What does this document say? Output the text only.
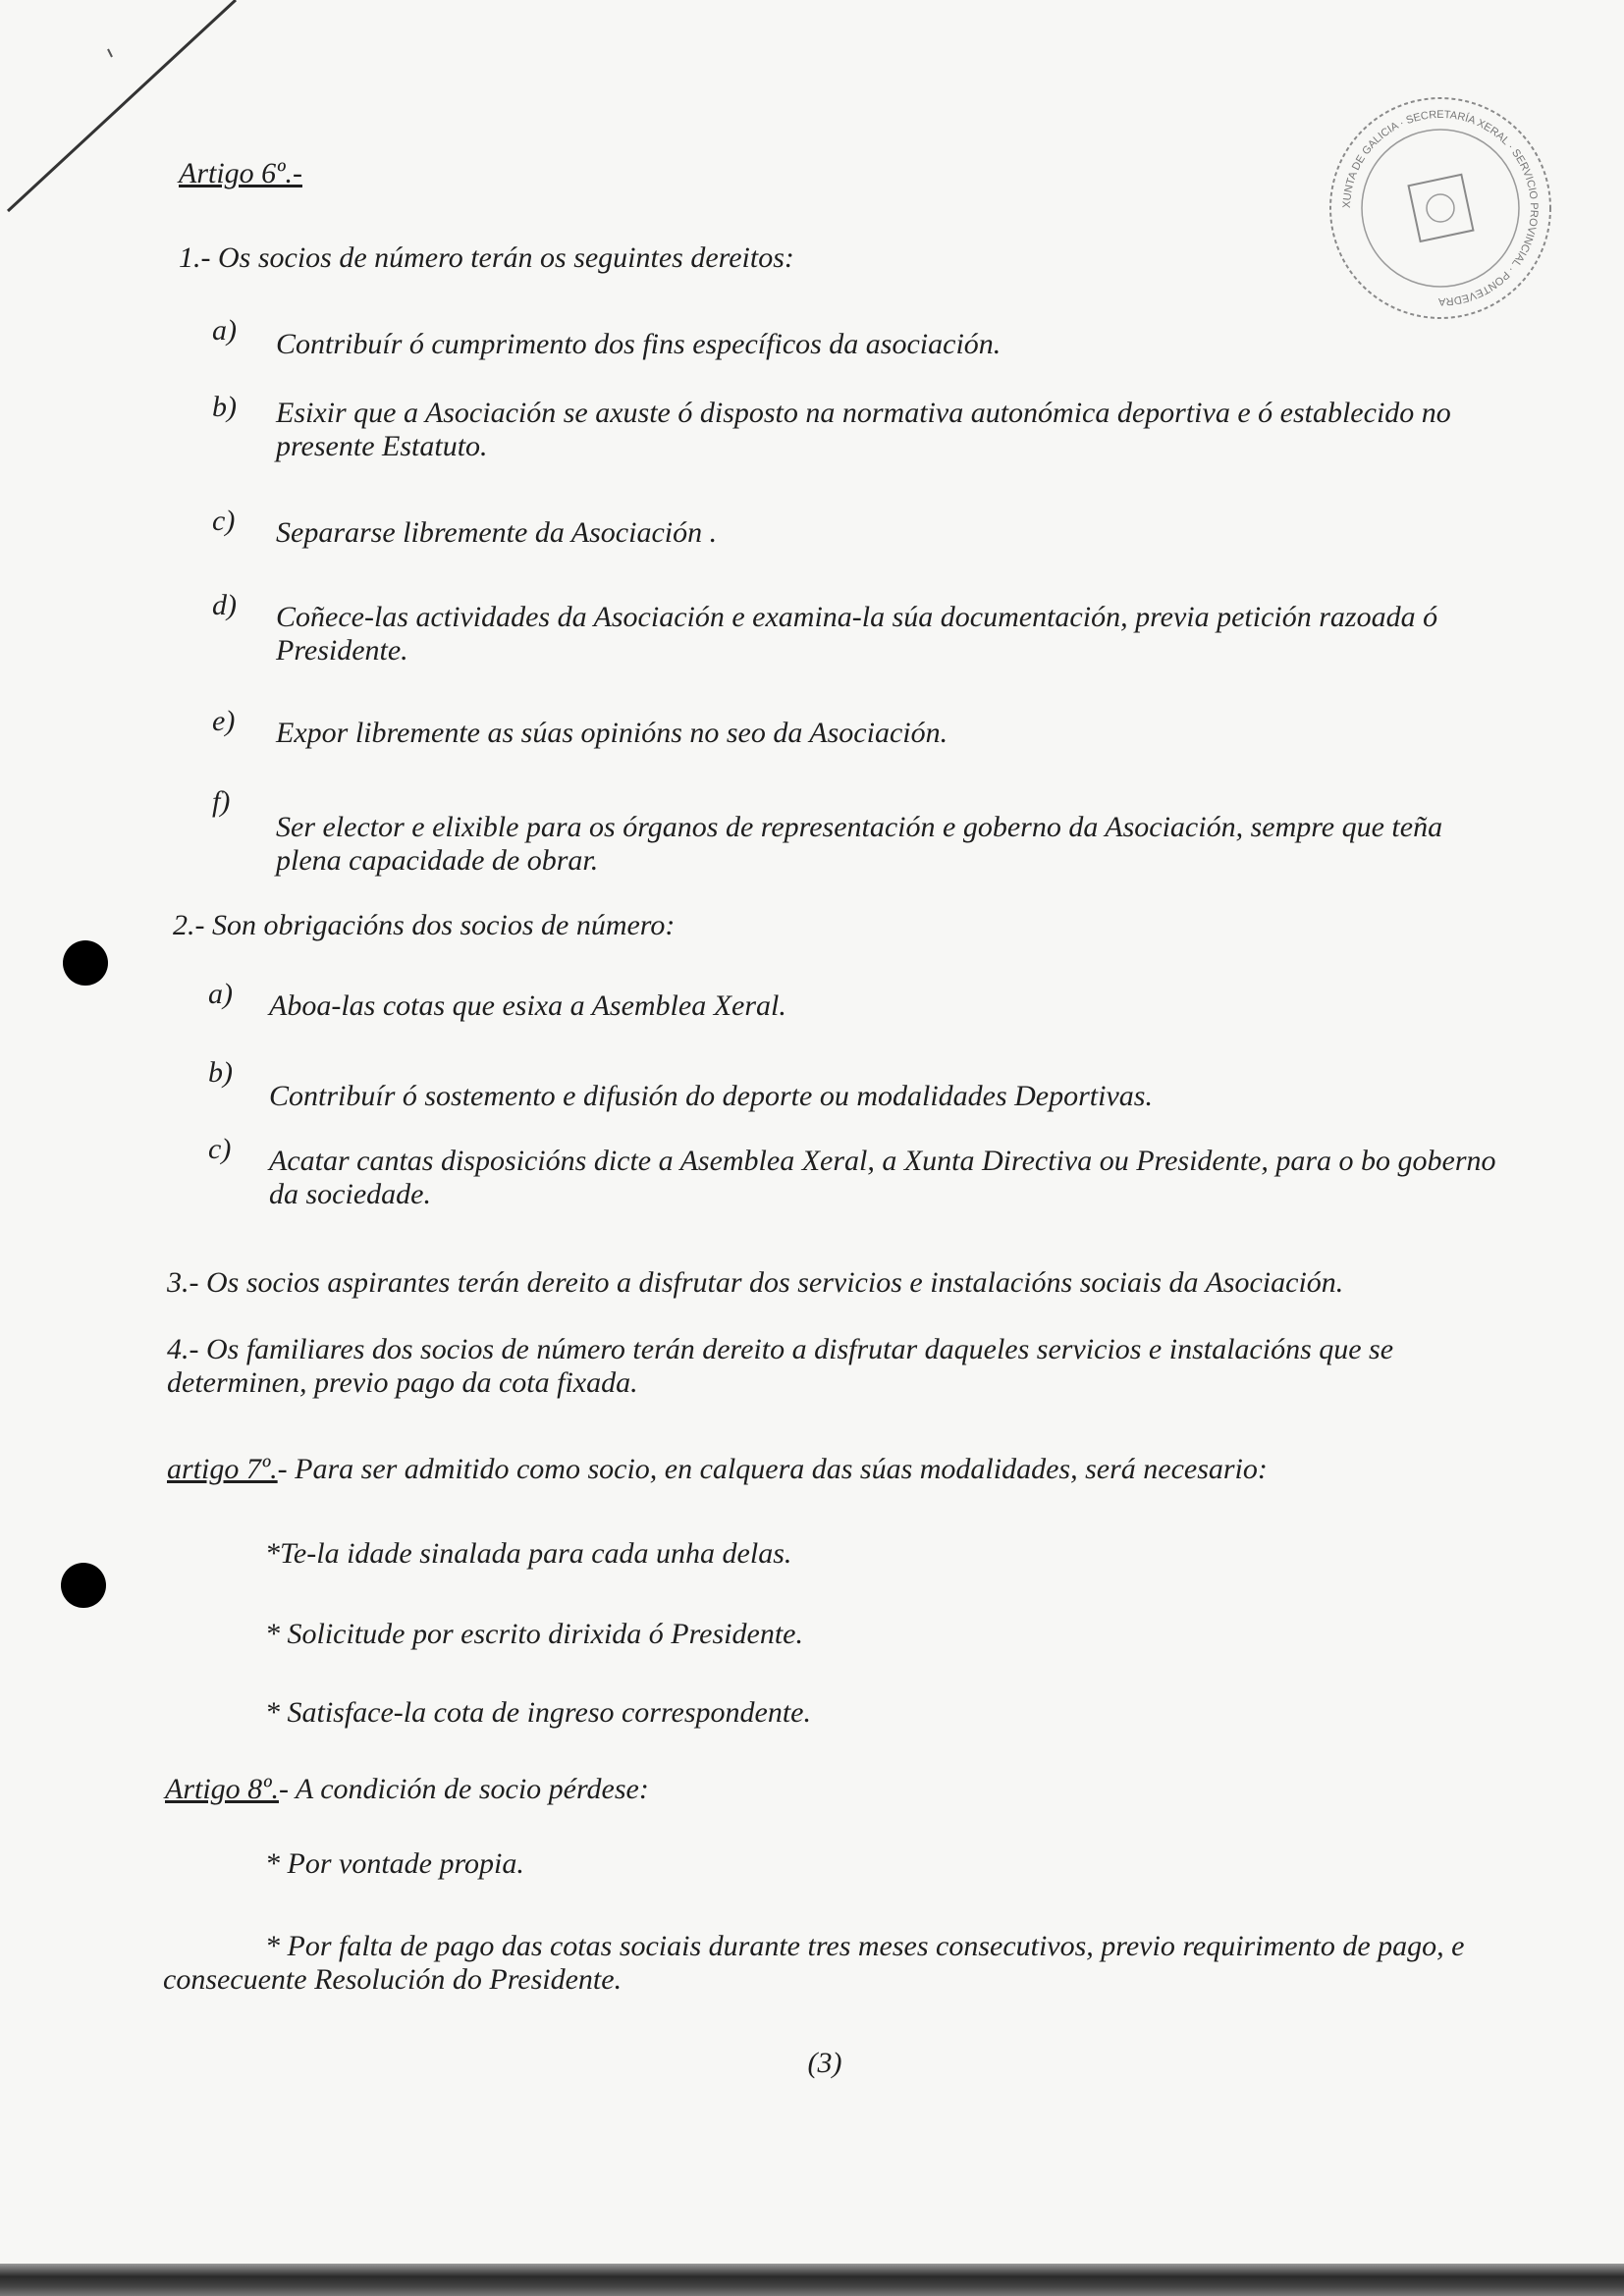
XUNTA DE GALICIA · SECRETARÍA XERAL · SERVICIO PROVINCIAL · PONTEVEDRA
Artigo 6º.-
1.- Os socios de número terán os seguintes dereitos:
a) Contribuír ó cumprimento dos fins específicos da asociación.
b) Esixir que a Asociación se axuste ó disposto na normativa autonómica deportiva e ó establecido no presente Estatuto.
c) Separarse libremente da Asociación .
d) Coñece-las actividades da Asociación e examina-la súa documentación, previa petición razoada ó Presidente.
e) Expor libremente as súas opinións no seo da Asociación.
f)
Ser elector e elixible para os órganos de representación e goberno da Asociación, sempre que teña plena capacidade de obrar.
2.- Son obrigacións dos socios de número:
a) Aboa-las cotas que esixa a Asemblea Xeral.
b)
Contribuír ó sostemento e difusión do deporte ou modalidades Deportivas.
c) Acatar cantas disposicións dicte a Asemblea Xeral, a Xunta Directiva ou Presidente, para o bo goberno da sociedade.
3.- Os socios aspirantes terán dereito a disfrutar dos servicios e instalacións sociais da Asociación.
4.- Os familiares dos socios de número terán dereito a disfrutar daqueles servicios e instalacións que se determinen, previo pago da cota fixada.
artigo 7º.- Para ser admitido como socio, en calquera das súas modalidades, será necesario:
*Te-la idade sinalada para cada unha delas.
* Solicitude por escrito dirixida ó Presidente.
* Satisface-la cota de ingreso correspondente.
Artigo 8º.- A condición de socio pérdese:
* Por vontade propia.
* Por falta de pago das cotas sociais durante tres meses consecutivos, previo requirimento de pago, e consecuente Resolución do Presidente.
(3)
